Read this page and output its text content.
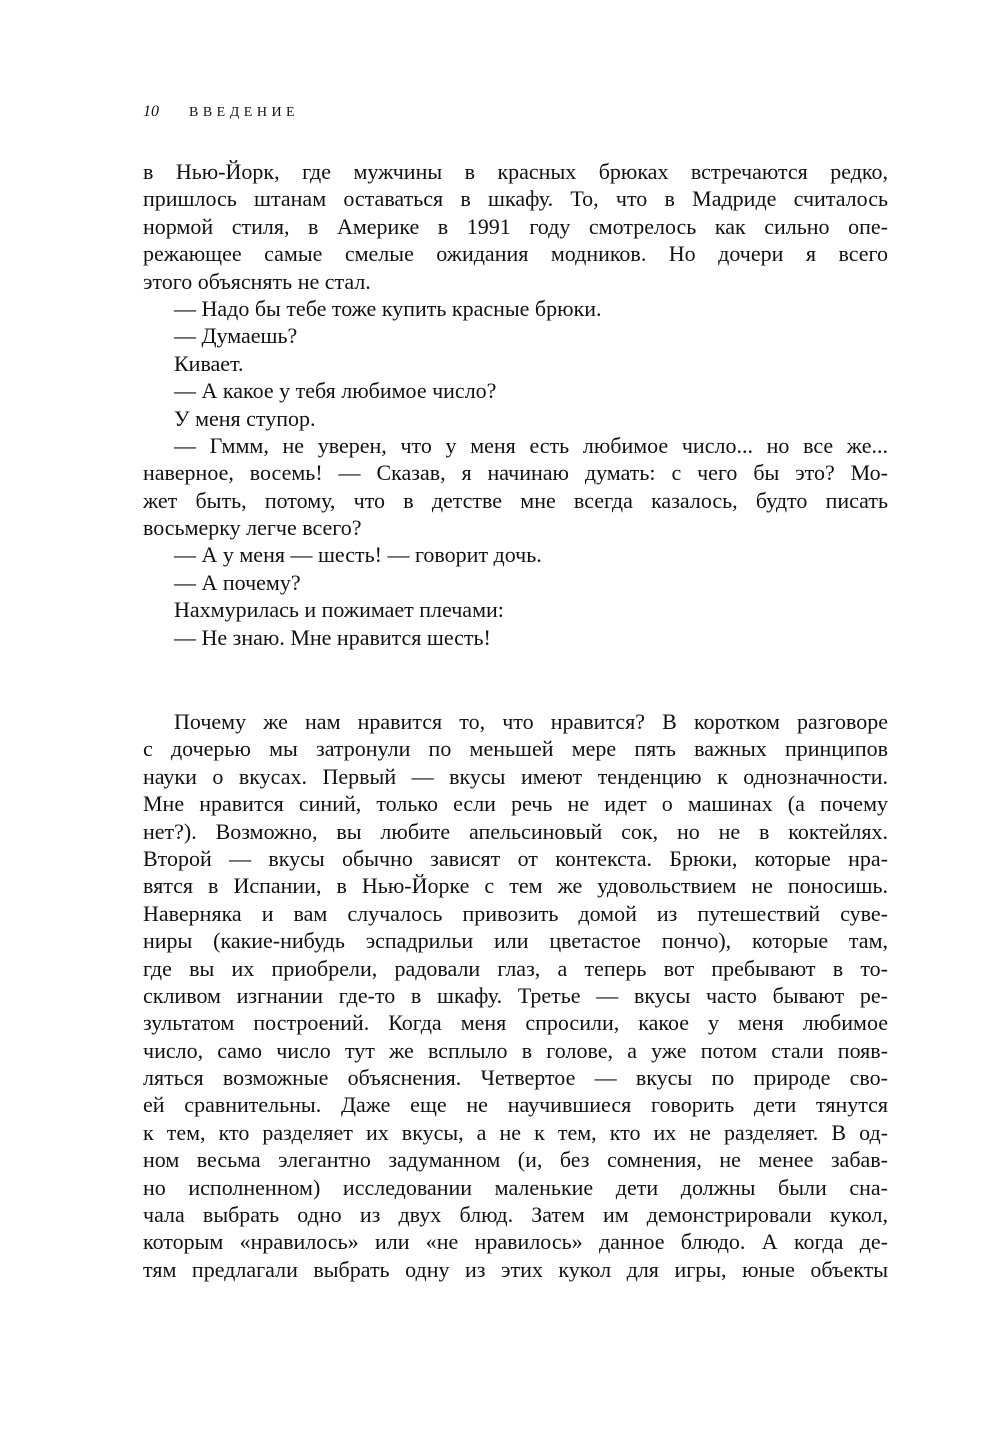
10 ВВЕДЕНИЕ
в Нью-Йорк, где мужчины в красных брюках встречаются редко,
пришлось штанам оставаться в шкафу. То, что в Мадриде считалось
нормой стиля, в Америке в 1991 году смотрелось как сильно опе-
режающее самые смелые ожидания модников. Но дочери я всего
этого объяснять не стал.
— Надо бы тебе тоже купить красные брюки.
— Думаешь?
Кивает.
— А какое у тебя любимое число?
У меня ступор.
— Гммм, не уверен, что у меня есть любимое число... но все же...
наверное, восемь! — Сказав, я начинаю думать: с чего бы это? Мо-
жет быть, потому, что в детстве мне всегда казалось, будто писать
восьмерку легче всего?
— А у меня — шесть! — говорит дочь.
— А почему?
Нахмурилась и пожимает плечами:
— Не знаю. Мне нравится шесть!
Почему же нам нравится то, что нравится? В коротком разговоре
с дочерью мы затронули по меньшей мере пять важных принципов
науки о вкусах. Первый — вкусы имеют тенденцию к однозначности.
Мне нравится синий, только если речь не идет о машинах (а почему
нет?). Возможно, вы любите апельсиновый сок, но не в коктейлях.
Второй — вкусы обычно зависят от контекста. Брюки, которые нра-
вятся в Испании, в Нью-Йорке с тем же удовольствием не поносишь.
Наверняка и вам случалось привозить домой из путешествий суве-
ниры (какие-нибудь эспадрильи или цветастое пончо), которые там,
где вы их приобрели, радовали глаз, а теперь вот пребывают в то-
скливом изгнании где-то в шкафу. Третье — вкусы часто бывают ре-
зультатом построений. Когда меня спросили, какое у меня любимое
число, само число тут же всплыло в голове, а уже потом стали появ-
ляться возможные объяснения. Четвертое — вкусы по природе сво-
ей сравнительны. Даже еще не научившиеся говорить дети тянутся
к тем, кто разделяет их вкусы, а не к тем, кто их не разделяет. В од-
ном весьма элегантно задуманном (и, без сомнения, не менее забав-
но исполненном) исследовании маленькие дети должны были сна-
чала выбрать одно из двух блюд. Затем им демонстрировали кукол,
которым «нравилось» или «не нравилось» данное блюдо. А когда де-
тям предлагали выбрать одну из этих кукол для игры, юные объекты
